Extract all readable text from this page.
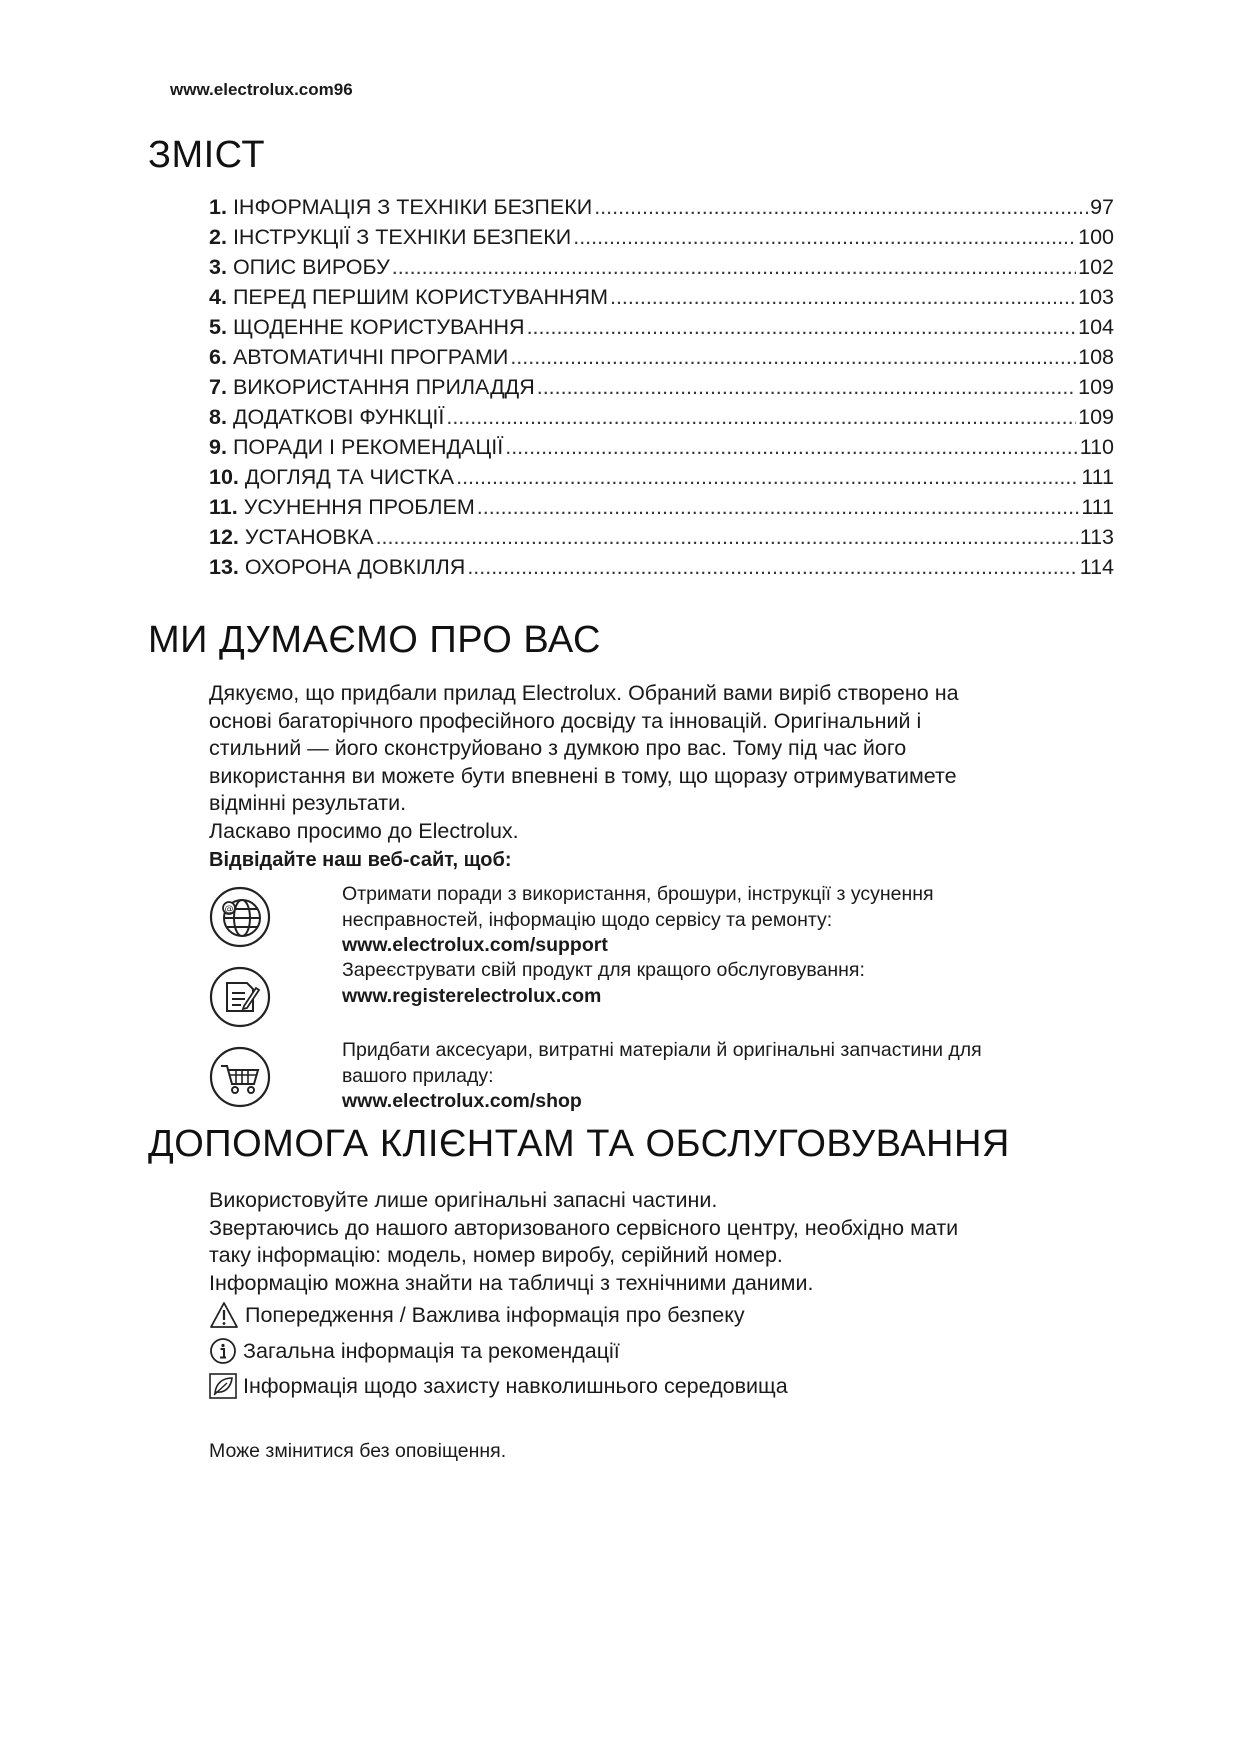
www.electrolux.com96
ЗМІСТ
1. ІНФОРМАЦІЯ З ТЕХНІКИ БЕЗПЕКИ .....	97
2. ІНСТРУКЦІЇ З ТЕХНІКИ БЕЗПЕКИ .....	100
3. ОПИС ВИРОБУ .....	102
4. ПЕРЕД ПЕРШИМ КОРИСТУВАННЯМ .....	103
5. ЩОДЕННЕ КОРИСТУВАННЯ .....	104
6. АВТОМАТИЧНІ ПРОГРАМИ .....	108
7. ВИКОРИСТАННЯ ПРИЛАДДЯ .....	109
8. ДОДАТКОВІ ФУНКЦІЇ .....	109
9. ПОРАДИ І РЕКОМЕНДАЦІЇ .....	110
10. ДОГЛЯД ТА ЧИСТКА .....	111
11. УСУНЕННЯ ПРОБЛЕМ .....	111
12. УСТАНОВКА .....	113
13. ОХОРОНА ДОВКІЛЛЯ .....	114
МИ ДУМАЄМО ПРО ВАС
Дякуємо, що придбали прилад Electrolux. Обраний вами виріб створено на
основі багаторічного професійного досвіду та інновацій. Оригінальний і
стильний — його сконструйовано з думкою про вас. Тому під час його
використання ви можете бути впевнені в тому, що щоразу отримуватимете
відмінні результати.
Ласкаво просимо до Electrolux.
Відвідайте наш веб-сайт, щоб:
@
Отримати поради з використання, брошури, інструкції з усунення
несправностей, інформацію щодо сервісу та ремонту:
www.electrolux.com/support
Зареєструвати свій продукт для кращого обслуговування:
www.registerelectrolux.com
Придбати аксесуари, витратні матеріали й оригінальні запчастини для
вашого приладу:
www.electrolux.com/shop
ДОПОМОГА КЛІЄНТАМ ТА ОБСЛУГОВУВАННЯ
Використовуйте лише оригінальні запасні частини.
Звертаючись до нашого авторизованого сервісного центру, необхідно мати
таку інформацію: модель, номер виробу, серійний номер.
Інформацію можна знайти на табличці з технічними даними.
Попередження / Важлива інформація про безпеку
Загальна інформація та рекомендації
Інформація щодо захисту навколишнього середовища
Може змінитися без оповіщення.
